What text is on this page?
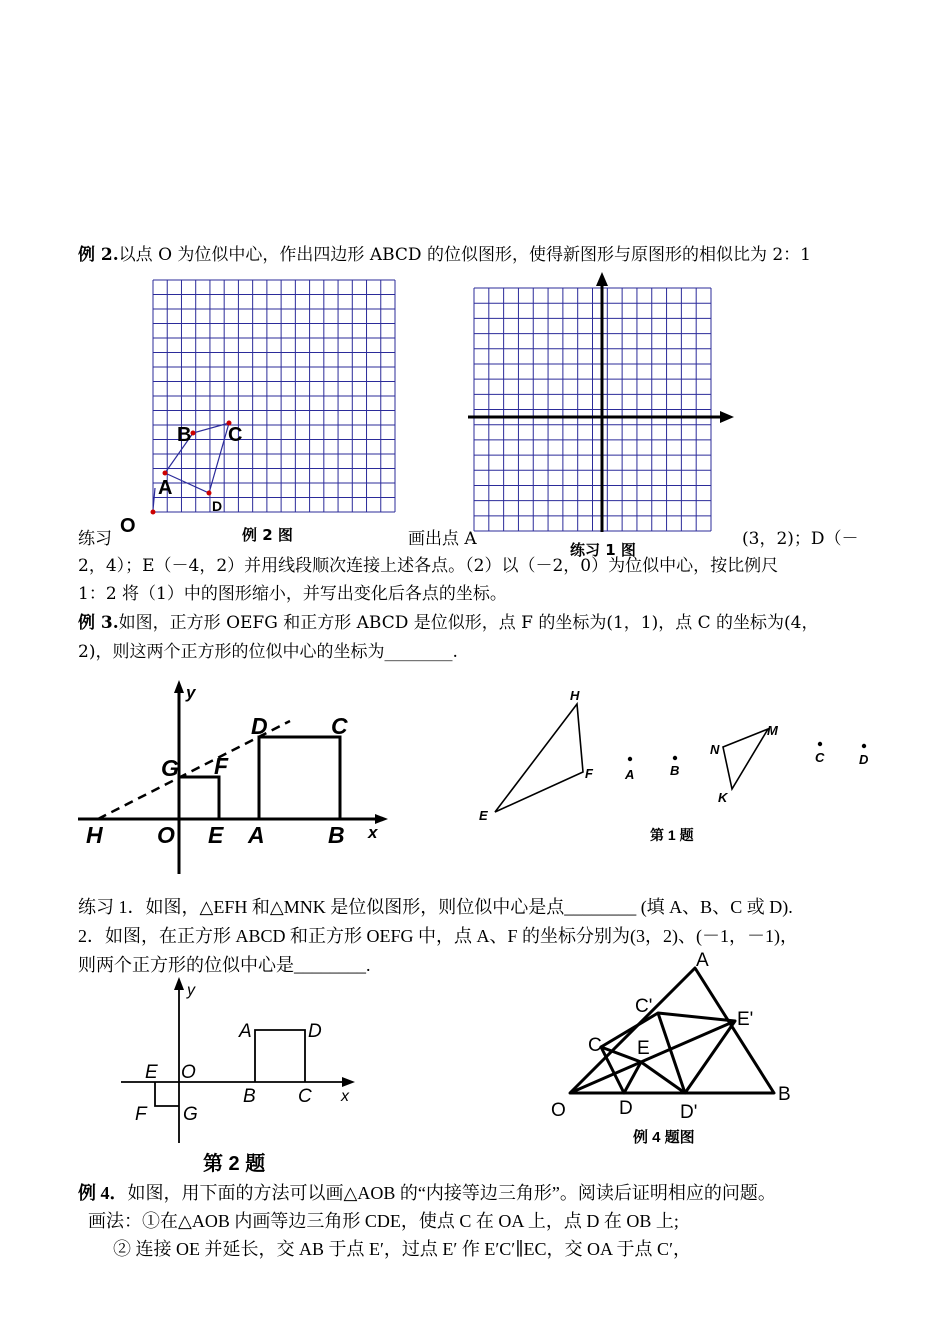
例 2.以点 O 为位似中心，作出四边形 ABCD 的位似图形，使得新图形与原图形的相似比为 2：1
A
B C
D
O	例 2 图
练习 1 图
练习	画出点 A	(3，2)；D（－
2，4）；E（－4，2）并用线段顺次连接上述各点。（2）以（－2，0）为位似中心，按比例尺
1：2 将（1）中的图形缩小，并写出变化后各点的坐标。
例 3.如图，正方形 OEFG 和正方形 ABCD 是位似形，点 F 的坐标为(1，1)，点 C 的坐标为(4，
2)，则这两个正方形的位似中心的坐标为________.
y
D	C
G F
H O E A	B x
H
F
E
A	B
N
M
K
C	D
第 1 题
练习 1．如图，△EFH 和△MNK 是位似图形，则位似中心是点________ (填 A、B、C 或 D).
2．如图，在正方形 ABCD 和正方形 OEFG 中，点 A、F 的坐标分别为(3，2)、(－1，－1)，
则两个正方形的位似中心是________.
y
A	D
E O
B C x
F G
第 2 题
A
C'
E'
C E
O	D D'
B
例 4 题图
例 4．如图，用下面的方法可以画△AOB 的“内接等边三角形”。阅读后证明相应的问题。
画法：①在△AOB 内画等边三角形 CDE，使点 C 在 OA 上，点 D 在 OB 上;
② 连接 OE 并延长，交 AB 于点 E′，过点 E′ 作 E′C′∥EC，交 OA 于点 C′，
